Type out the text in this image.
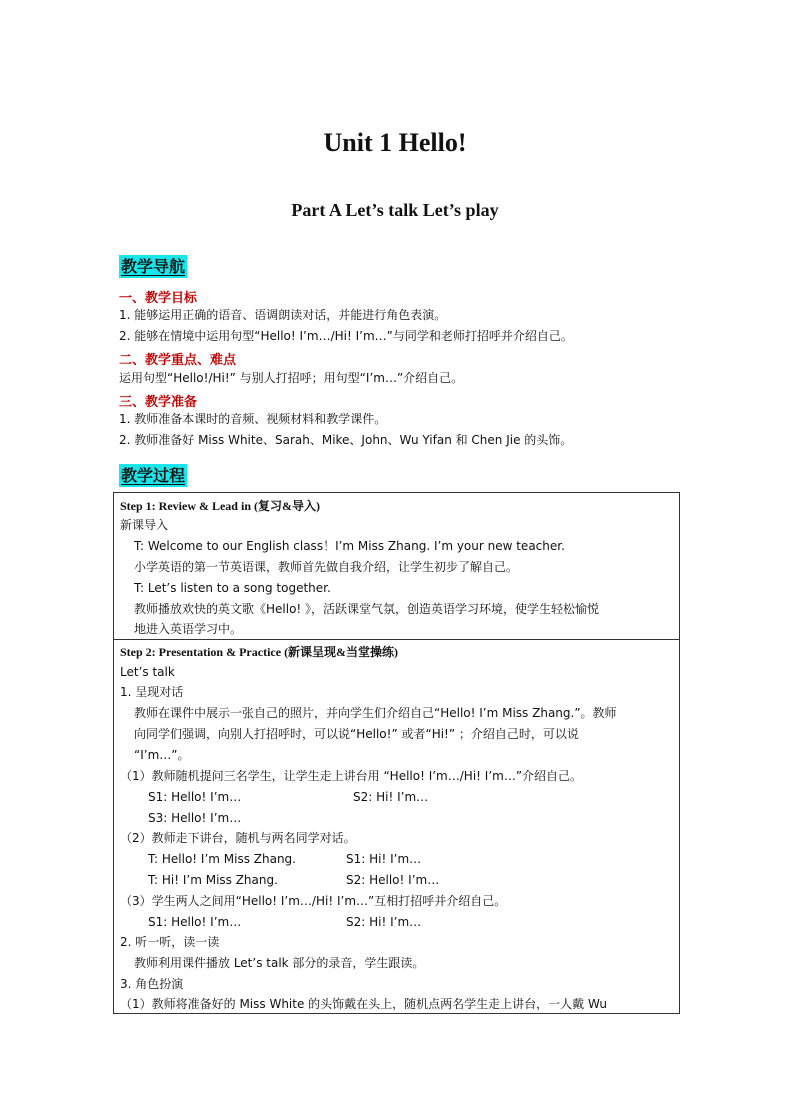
Unit 1 Hello!
Part A Let’s talk Let’s play
教学导航
一、教学目标
1. 能够运用正确的语音、语调朗读对话，并能进行角色表演。
2. 能够在情境中运用句型“Hello! I’m…/Hi! I’m…”与同学和老师打招呼并介绍自己。
二、教学重点、难点
运用句型“Hello!/Hi!” 与别人打招呼；用句型“I’m…”介绍自己。
三、教学准备
1. 教师准备本课时的音频、视频材料和教学课件。
2. 教师准备好 Miss White、Sarah、Mike、John、Wu Yifan 和 Chen Jie 的头饰。
教学过程
Step 1: Review & Lead in (复习&导入)
新课导入
T: Welcome to our English class！I’m Miss Zhang. I’m your new teacher.
小学英语的第一节英语课，教师首先做自我介绍，让学生初步了解自己。
T: Let’s listen to a song together.
教师播放欢快的英文歌《Hello! 》，活跃课堂气氛，创造英语学习环境，使学生轻松愉悦
地进入英语学习中。
Step 2: Presentation & Practice (新课呈现&当堂操练)
Let’s talk
1. 呈现对话
教师在课件中展示一张自己的照片，并向学生们介绍自己“Hello! I’m Miss Zhang.”。教师
向同学们强调，向别人打招呼时，可以说“Hello!” 或者“Hi!” ；介绍自己时，可以说
“I’m…”。
（1）教师随机提问三名学生，让学生走上讲台用 “Hello! I’m…/Hi! I’m…”介绍自己。
S1: Hello! I’m…	S2: Hi! I’m…
S3: Hello! I’m…
（2）教师走下讲台，随机与两名同学对话。
T: Hello! I’m Miss Zhang.	S1: Hi! I’m…
T: Hi! I’m Miss Zhang.	S2: Hello! I’m…
（3）学生两人之间用“Hello! I’m…/Hi! I’m…”互相打招呼并介绍自己。
S1: Hello! I’m…	S2: Hi! I’m…
2. 听一听，读一读
教师利用课件播放 Let’s talk 部分的录音，学生跟读。
3. 角色扮演
（1）教师将准备好的 Miss White 的头饰戴在头上，随机点两名学生走上讲台，一人戴 Wu
